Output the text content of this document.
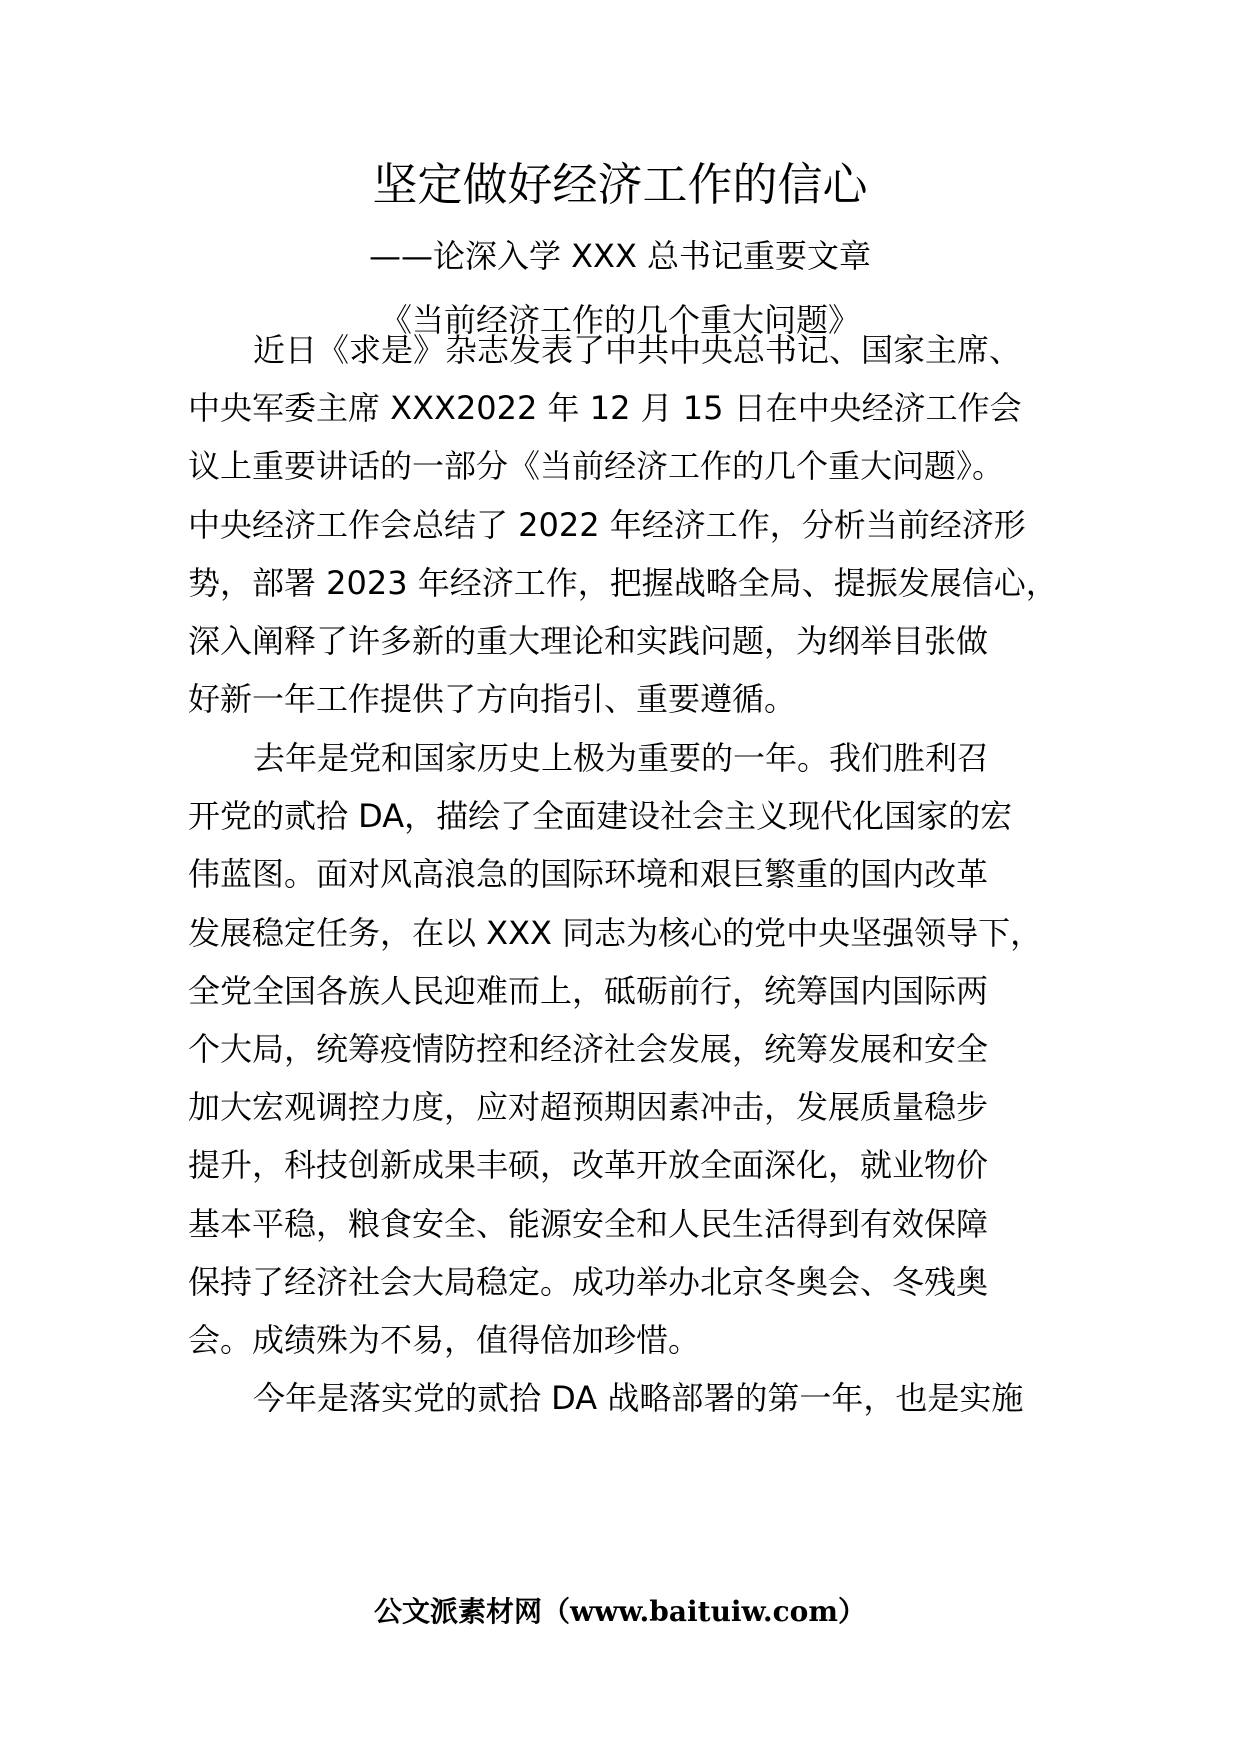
坚定做好经济工作的信心
——论深入学 XXX 总书记重要文章
《当前经济工作的几个重大问题》
近日《求是》杂志发表了中共中央总书记、国家主席、
中央军委主席 XXX2022 年 12 月 15 日在中央经济工作会
议上重要讲话的一部分《当前经济工作的几个重大问题》。
中央经济工作会总结了 2022 年经济工作，分析当前经济形
势，部署 2023 年经济工作，把握战略全局、提振发展信心，
深入阐释了许多新的重大理论和实践问题，为纲举目张做
好新一年工作提供了方向指引、重要遵循。
去年是党和国家历史上极为重要的一年。我们胜利召
开党的贰拾 DA，描绘了全面建设社会主义现代化国家的宏
伟蓝图。面对风高浪急的国际环境和艰巨繁重的国内改革
发展稳定任务，在以 XXX 同志为核心的党中央坚强领导下，
全党全国各族人民迎难而上，砥砺前行，统筹国内国际两
个大局，统筹疫情防控和经济社会发展，统筹发展和安全
加大宏观调控力度，应对超预期因素冲击，发展质量稳步
提升，科技创新成果丰硕，改革开放全面深化，就业物价
基本平稳，粮食安全、能源安全和人民生活得到有效保障
保持了经济社会大局稳定。成功举办北京冬奥会、冬残奥
会。成绩殊为不易，值得倍加珍惜。
今年是落实党的贰拾 DA 战略部署的第一年，也是实施
公文派素材网（www.baituiw.com）
